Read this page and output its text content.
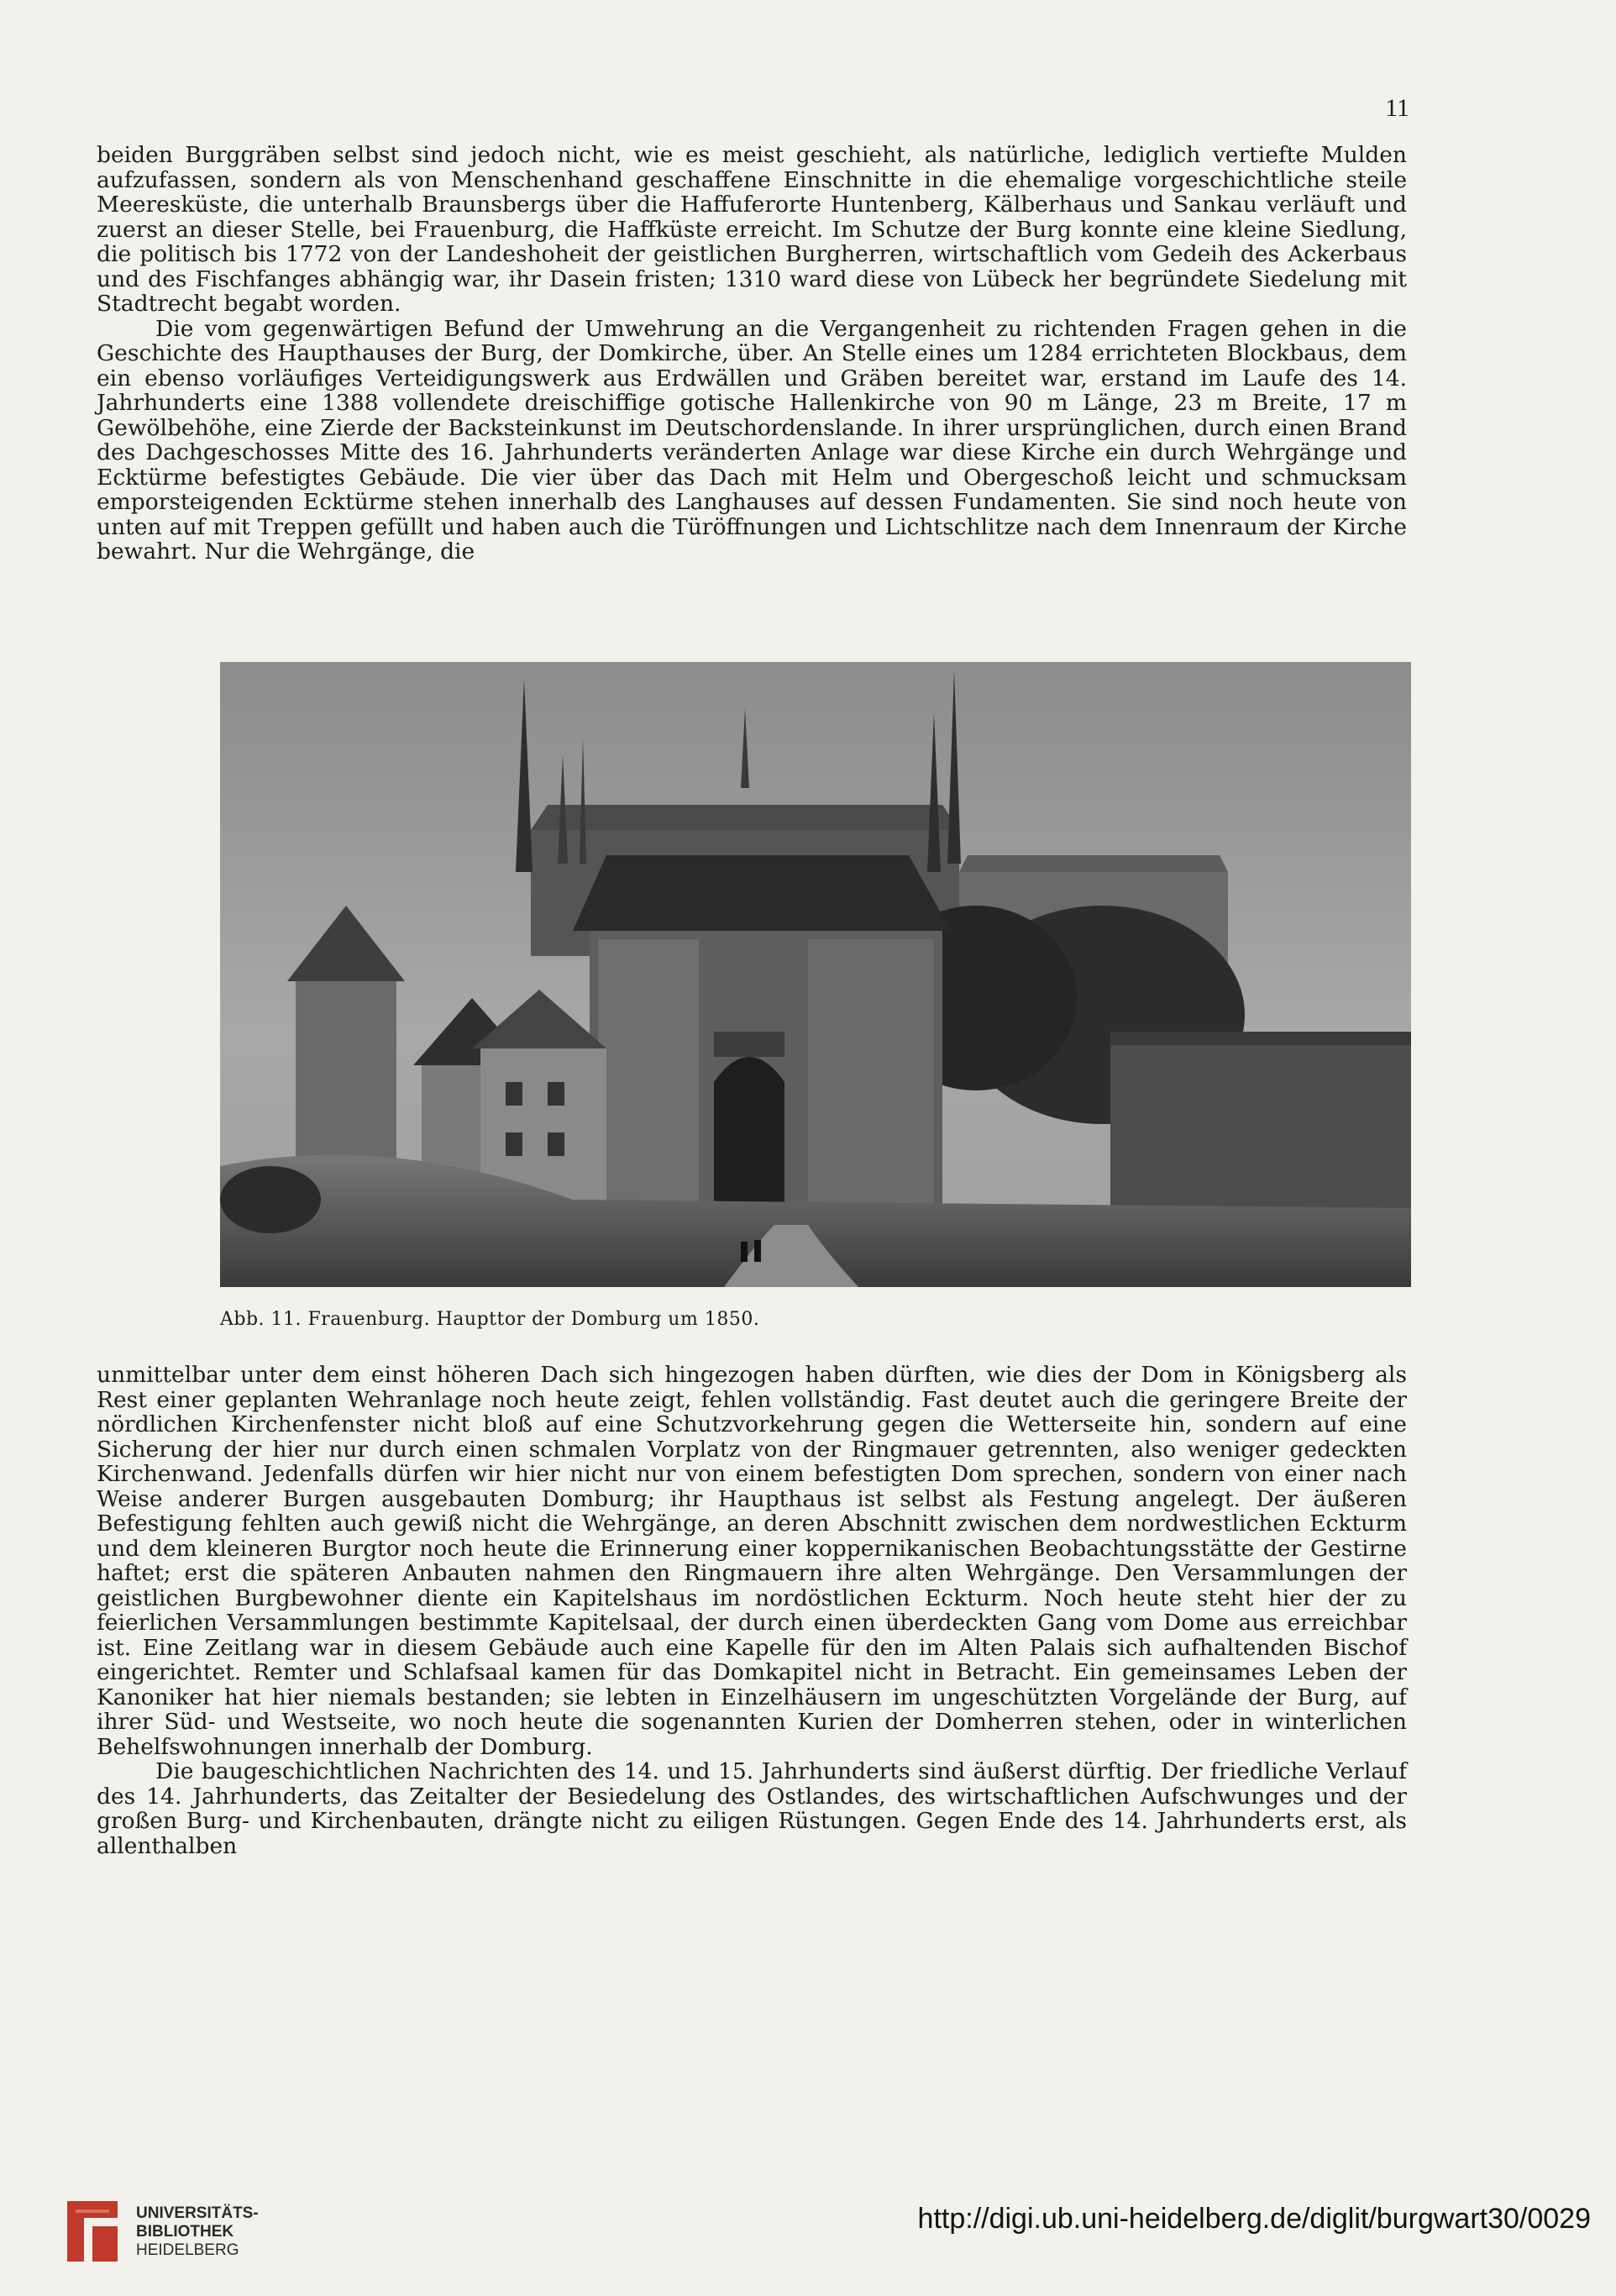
11

beiden Burggräben selbst sind jedoch nicht, wie es meist geschieht, als natürliche, lediglich vertiefte Mulden aufzufassen, sondern als von Menschenhand geschaffene Einschnitte in die ehemalige vorgeschichtliche steile Meeresküste, die unterhalb Braunsbergs über die Haffuferorte Huntenberg, Kälberhaus und Sankau verläuft und zuerst an dieser Stelle, bei Frauenburg, die Haffküste erreicht. Im Schutze der Burg konnte eine kleine Siedlung, die politisch bis 1772 von der Landeshoheit der geistlichen Burgherren, wirtschaftlich vom Gedeih des Ackerbaus und des Fischfanges abhängig war, ihr Dasein fristen; 1310 ward diese von Lübeck her begründete Siedelung mit Stadtrecht begabt worden.

Die vom gegenwärtigen Befund der Umwehrung an die Vergangenheit zu richtenden Fragen gehen in die Geschichte des Haupthauses der Burg, der Domkirche, über. An Stelle eines um 1284 errichteten Blockbaus, dem ein ebenso vorläufiges Verteidigungswerk aus Erdwällen und Gräben bereitet war, erstand im Laufe des 14. Jahrhunderts eine 1388 vollendete dreischiffige gotische Hallenkirche von 90 m Länge, 23 m Breite, 17 m Gewölbehöhe, eine Zierde der Backsteinkunst im Deutschordenslande. In ihrer ursprünglichen, durch einen Brand des Dachgeschosses Mitte des 16. Jahrhunderts veränderten Anlage war diese Kirche ein durch Wehrgänge und Ecktürme befestigtes Gebäude. Die vier über das Dach mit Helm und Obergeschoß leicht und schmucksam emporsteigenden Ecktürme stehen innerhalb des Langhauses auf dessen Fundamenten. Sie sind noch heute von unten auf mit Treppen gefüllt und haben auch die Türöffnungen und Lichtschlitze nach dem Innenraum der Kirche bewahrt. Nur die Wehrgänge, die

Abb. 11. Frauenburg. Haupttor der Domburg um 1850.

unmittelbar unter dem einst höheren Dach sich hingezogen haben dürften, wie dies der Dom in Königsberg als Rest einer geplanten Wehranlage noch heute zeigt, fehlen vollständig. Fast deutet auch die geringere Breite der nördlichen Kirchenfenster nicht bloß auf eine Schutzvorkehrung gegen die Wetterseite hin, sondern auf eine Sicherung der hier nur durch einen schmalen Vorplatz von der Ringmauer getrennten, also weniger gedeckten Kirchenwand. Jedenfalls dürfen wir hier nicht nur von einem befestigten Dom sprechen, sondern von einer nach Weise anderer Burgen ausgebauten Domburg; ihr Haupthaus ist selbst als Festung angelegt. Der äußeren Befestigung fehlten auch gewiß nicht die Wehrgänge, an deren Abschnitt zwischen dem nordwestlichen Eckturm und dem kleineren Burgtor noch heute die Erinnerung einer koppernikanischen Beobachtungsstätte der Gestirne haftet; erst die späteren Anbauten nahmen den Ringmauern ihre alten Wehrgänge. Den Versammlungen der geistlichen Burgbewohner diente ein Kapitelshaus im nordöstlichen Eckturm. Noch heute steht hier der zu feierlichen Versammlungen bestimmte Kapitelsaal, der durch einen überdeckten Gang vom Dome aus erreichbar ist. Eine Zeitlang war in diesem Gebäude auch eine Kapelle für den im Alten Palais sich aufhaltenden Bischof eingerichtet. Remter und Schlafsaal kamen für das Domkapitel nicht in Betracht. Ein gemeinsames Leben der Kanoniker hat hier niemals bestanden; sie lebten in Einzelhäusern im ungeschützten Vorgelände der Burg, auf ihrer Süd- und Westseite, wo noch heute die sogenannten Kurien der Domherren stehen, oder in winterlichen Behelfswohnungen innerhalb der Domburg.

Die baugeschichtlichen Nachrichten des 14. und 15. Jahrhunderts sind äußerst dürftig. Der friedliche Verlauf des 14. Jahrhunderts, das Zeitalter der Besiedelung des Ostlandes, des wirtschaftlichen Aufschwunges und der großen Burg- und Kirchenbauten, drängte nicht zu eiligen Rüstungen. Gegen Ende des 14. Jahrhunderts erst, als allenthalben

UNIVERSITÄTS-
BIBLIOTHEK
HEIDELBERG
http://digi.ub.uni-heidelberg.de/diglit/burgwart30/0029
